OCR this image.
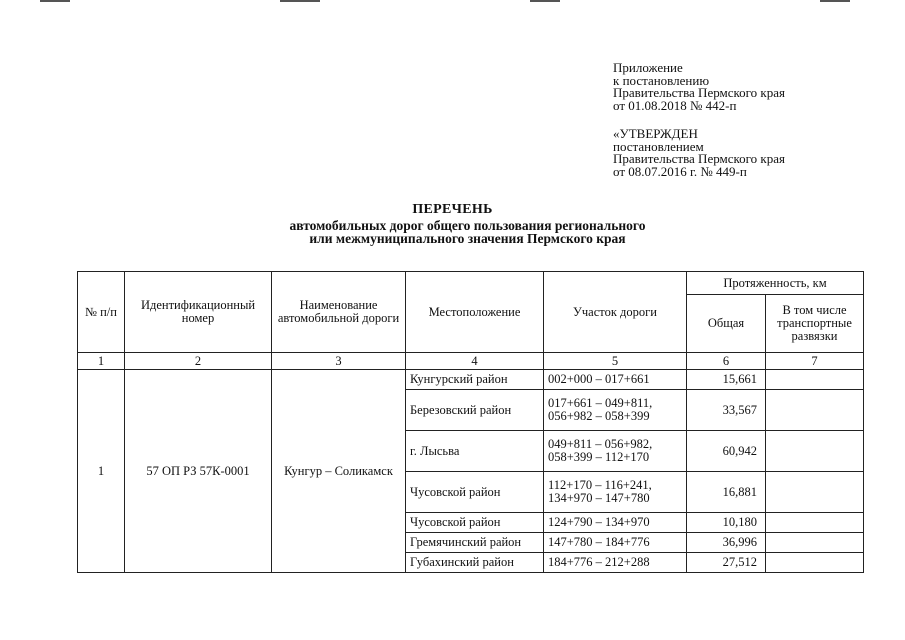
Приложение
к постановлению
Правительства Пермского края
от 01.08.2018 № 442-п
«УТВЕРЖДЕН
постановлением
Правительства Пермского края
от 08.07.2016 г. № 449-п
ПЕРЕЧЕНЬ
автомобильных дорог общего пользования регионального
или межмуниципального значения Пермского края
№ п/п	Идентификационный номер	Наименование автомобильной дороги	Местоположение	Участок дороги	Протяженность, км	
					Общая	В том числе транспортные развязки
1	2	3	4	5	6	7
1	57 ОП РЗ 57К-0001	Кунгур – Соликамск	Кунгурский район	002+000 – 017+661	15,661	
			Березовский район	017+661 – 049+811,
056+982 – 058+399	33,567	
			г. Лысьва	049+811 – 056+982,
058+399 – 112+170	60,942	
			Чусовской район	112+170 – 116+241,
134+970 – 147+780	16,881	
			Чусовской район	124+790 – 134+970	10,180	
			Гремячинский район	147+780 – 184+776	36,996	
			Губахинский район	184+776 – 212+288	27,512	
